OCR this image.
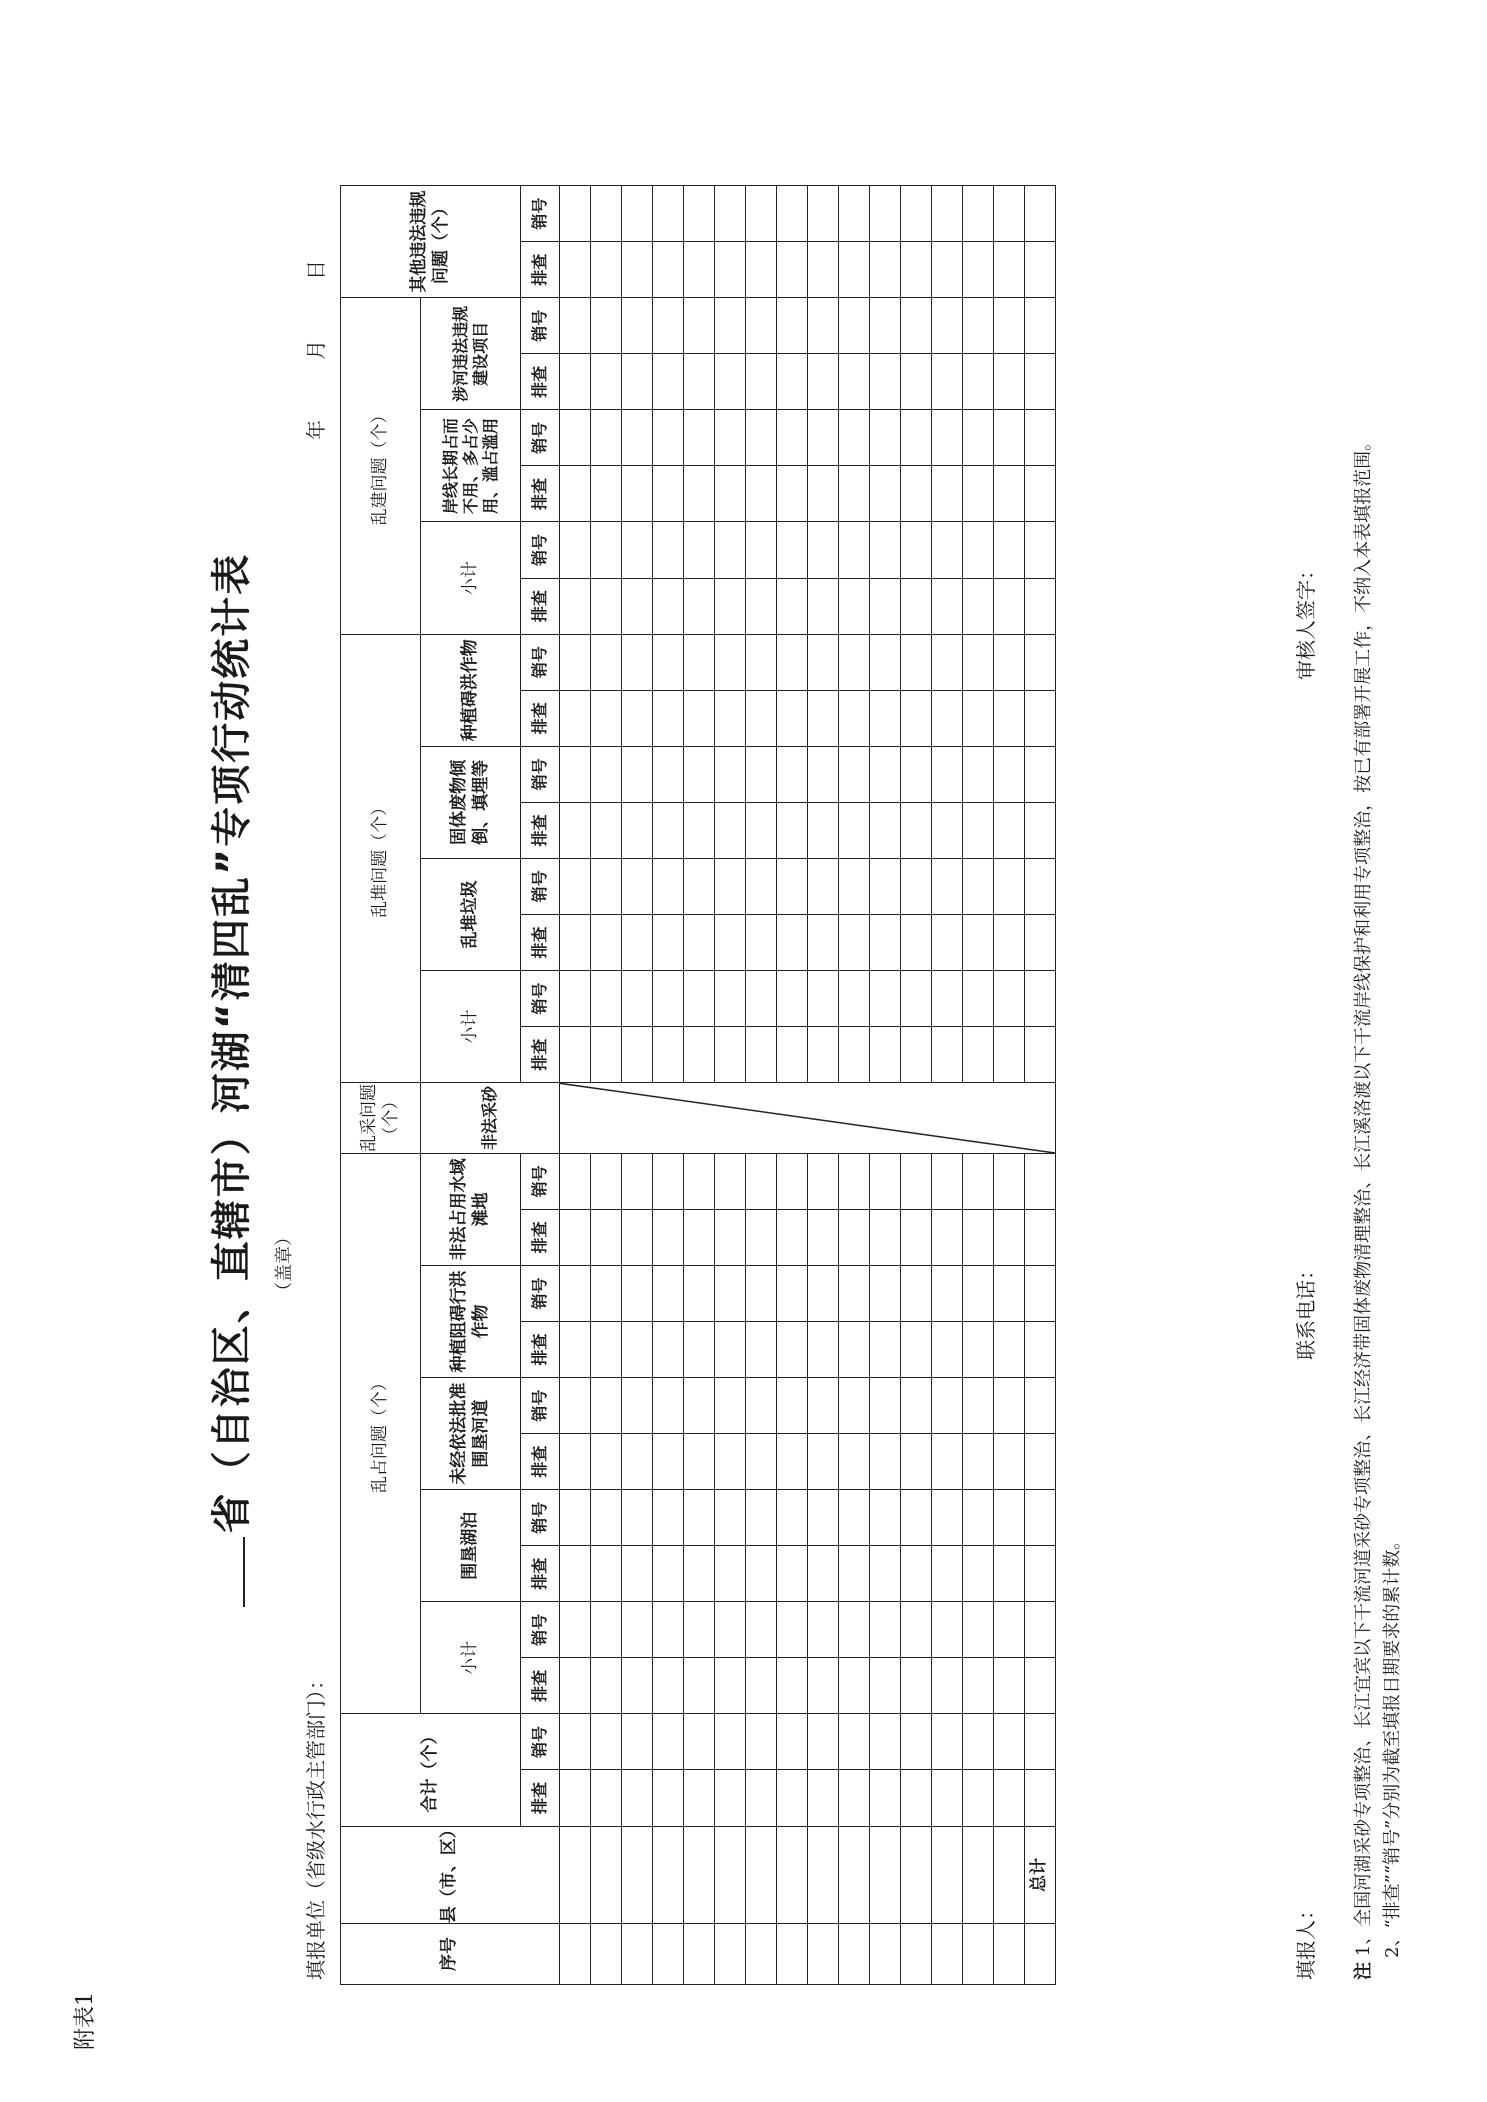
附表1
省（自治区、直辖市）河湖“清四乱”专项行动统计表 （盖章）
填报单位（省级水行政主管部门）：
年月日
序号	县（市、区）	合计（个）		乱占问题（个）										乱采问题（个）	乱堆问题（个）								乱建问题（个）						其他违法违规问题（个）	
				小计		围垦湖泊		未经依法批准围垦河道		种植阻碍行洪作物		非法占用水域滩地		非法采砂	小计		乱堆垃圾		固体废物倾倒、填埋等		种植碍洪作物		小计		岸线长期占而不用、多占少用、滥占滥用		涉河违法违规建设项目			
		排查	销号	排查	销号	排查	销号	排查	销号	排查	销号	排查	销号		排查	销号	排查	销号	排查	销号	排查	销号	排查	销号	排查	销号	排查	销号	排查	销号

	总计																													
填报人：
联系电话：
审核人签字：
注 1、全国河湖采砂专项整治、长江宜宾以下干流河道采砂专项整治、长江经济带固体废物清理整治、长江溪洛渡以下干流岸线保护和利用专项整治，按已有部署开展工作，不纳入本表填报范围。 2、“排查”“销号”分别为截至填报日期要求的累计数。
